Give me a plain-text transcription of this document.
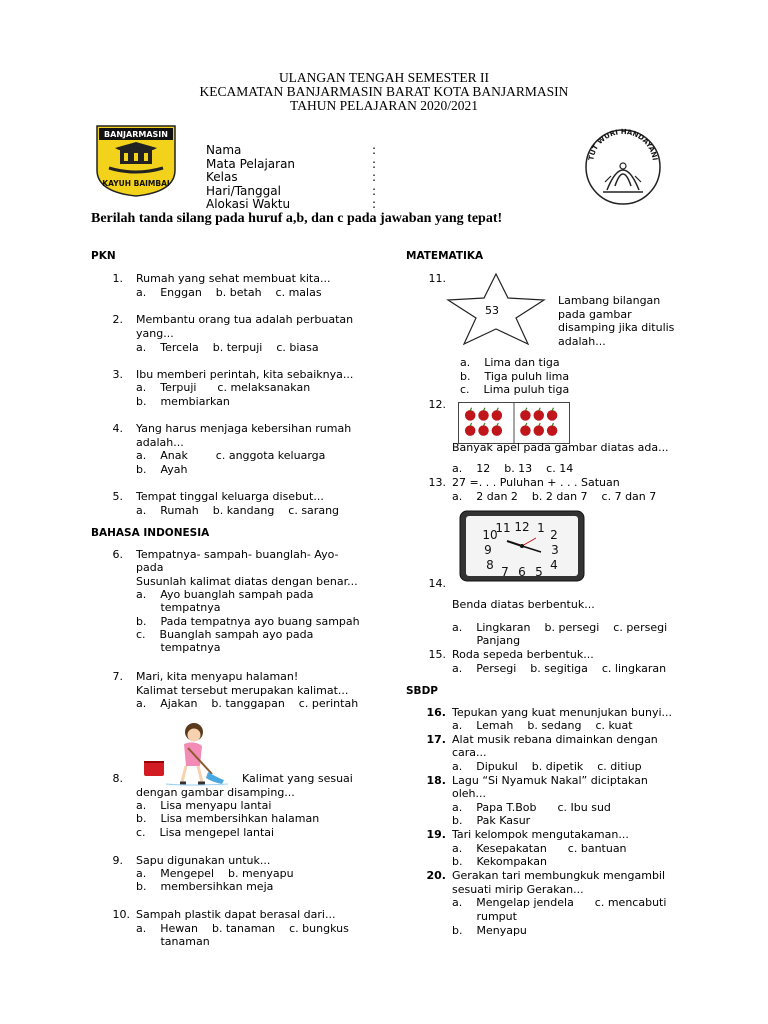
ULANGAN TENGAH SEMESTER II
KECAMATAN BANJARMASIN BARAT KOTA BANJARMASIN
TAHUN PELAJARAN 2020/2021
BANJARMASIN
KAYUH BAIMBAI
TUT WURI HANDAYANI
Nama
Mata Pelajaran
Kelas
Hari/Tanggal
Alokasi Waktu
:
:
:
:
:
Berilah tanda silang pada huruf a,b, dan c pada jawaban yang tepat!
PKN
1. Rumah yang sehat membuat kita...
a.    Enggan    b. betah    c. malas
2. Membantu orang tua adalah perbuatan
yang...
a.    Tercela    b. terpuji    c. biasa
3. Ibu memberi perintah, kita sebaiknya...
a.    Terpuji      c. melaksanakan
b.    membiarkan
4. Yang harus menjaga kebersihan rumah
adalah...
a.    Anak        c. anggota keluarga
b.    Ayah
5. Tempat tinggal keluarga disebut...
a.    Rumah    b. kandang    c. sarang
BAHASA INDONESIA
6. Tempatnya- sampah- buanglah- Ayo-
pada
Susunlah kalimat diatas dengan benar...
a.    Ayo buanglah sampah pada
tempatnya
b.    Pada tempatnya ayo buang sampah
c.    Buanglah sampah ayo pada
tempatnya
7. Mari, kita menyapu halaman!
Kalimat tersebut merupakan kalimat...
a.    Ajakan    b. tanggapan    c. perintah
8.	Kalimat yang sesuai
dengan gambar disamping...
a.    Lisa menyapu lantai
b.    Lisa membersihkan halaman
c.    Lisa mengepel lantai
9. Sapu digunakan untuk...
a.    Mengepel    b. menyapu
b.    membersihkan meja
10. Sampah plastik dapat berasal dari...
a.    Hewan    b. tanaman    c. bungkus
tanaman
MATEMATIKA
11.
53
Lambang bilangan
pada gambar
disamping jika ditulis
adalah...
a.    Lima dan tiga
b.    Tiga puluh lima
c.    Lima puluh tiga
12.
Banyak apel pada gambar diatas ada...
a.    12    b. 13    c. 14
13. 27 =. . . Puluhan + . . . Satuan
a.    2 dan 2    b. 2 dan 7    c. 7 dan 7
12 1 2
3
4
5
6
7
8
9
10
11
14.
Benda diatas berbentuk...
a.    Lingkaran    b. persegi    c. persegi
Panjang
15. Roda sepeda berbentuk...
a.    Persegi    b. segitiga    c. lingkaran
SBDP
16. Tepukan yang kuat menunjukan bunyi...
a.    Lemah    b. sedang    c. kuat
17. Alat musik rebana dimainkan dengan
cara...
a.    Dipukul    b. dipetik    c. ditiup
18. Lagu “Si Nyamuk Nakal” diciptakan
oleh...
a.    Papa T.Bob      c. Ibu sud
b.    Pak Kasur
19. Tari kelompok mengutakaman...
a.    Kesepakatan      c. bantuan
b.    Kekompakan
20. Gerakan tari membungkuk mengambil
sesuati mirip Gerakan...
a.    Mengelap jendela      c. mencabuti
rumput
b.    Menyapu
